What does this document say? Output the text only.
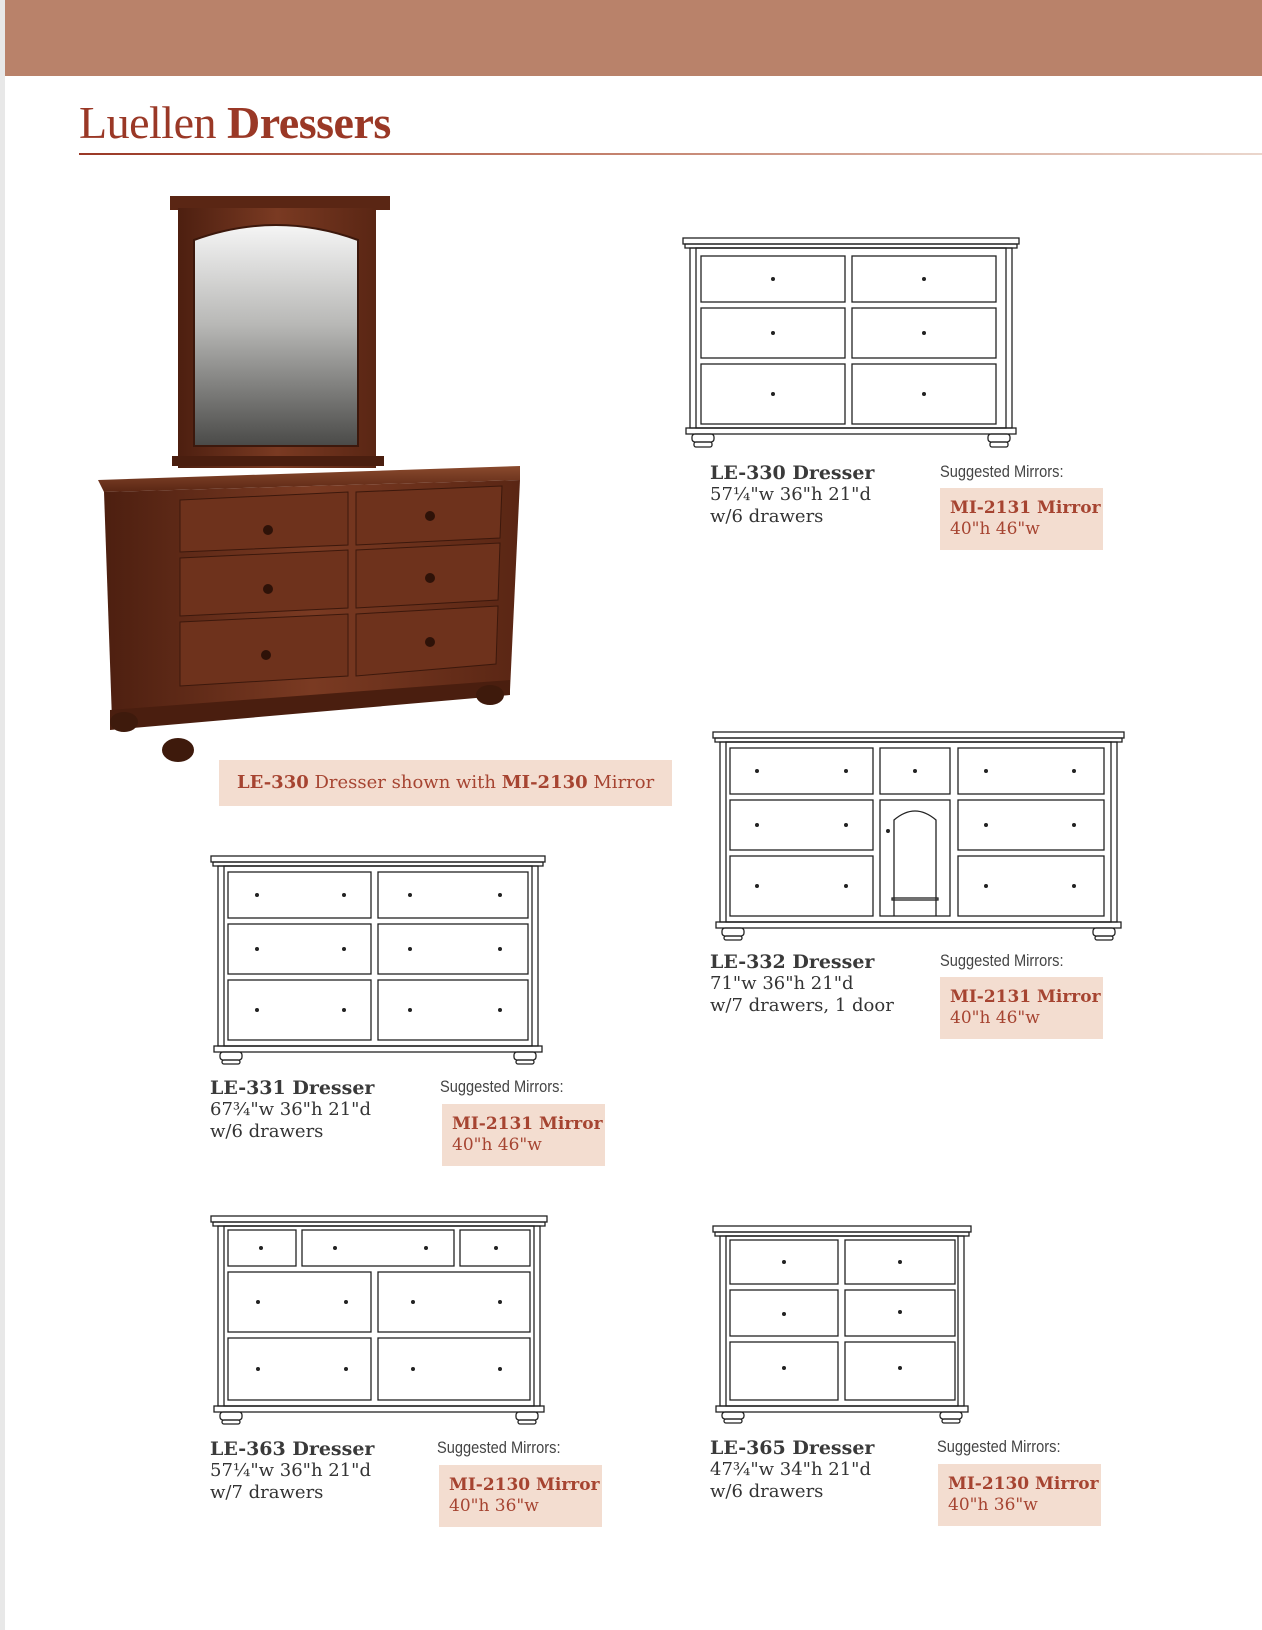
Luellen Dressers
LE-330 Dresser shown with MI-2130 Mirror
LE-330 Dresser
57¼"w 36"h 21"d
w/6 drawers
Suggested Mirrors:
MI-2131 Mirror
40"h 46"w
LE-332 Dresser
71"w 36"h 21"d
w/7 drawers, 1 door
Suggested Mirrors:
MI-2131 Mirror
40"h 46"w
LE-331 Dresser
67¾"w 36"h 21"d
w/6 drawers
Suggested Mirrors:
MI-2131 Mirror
40"h 46"w
LE-363 Dresser
57¼"w 36"h 21"d
w/7 drawers
Suggested Mirrors:
MI-2130 Mirror
40"h 36"w
LE-365 Dresser
47¾"w 34"h 21"d
w/6 drawers
Suggested Mirrors:
MI-2130 Mirror
40"h 36"w
